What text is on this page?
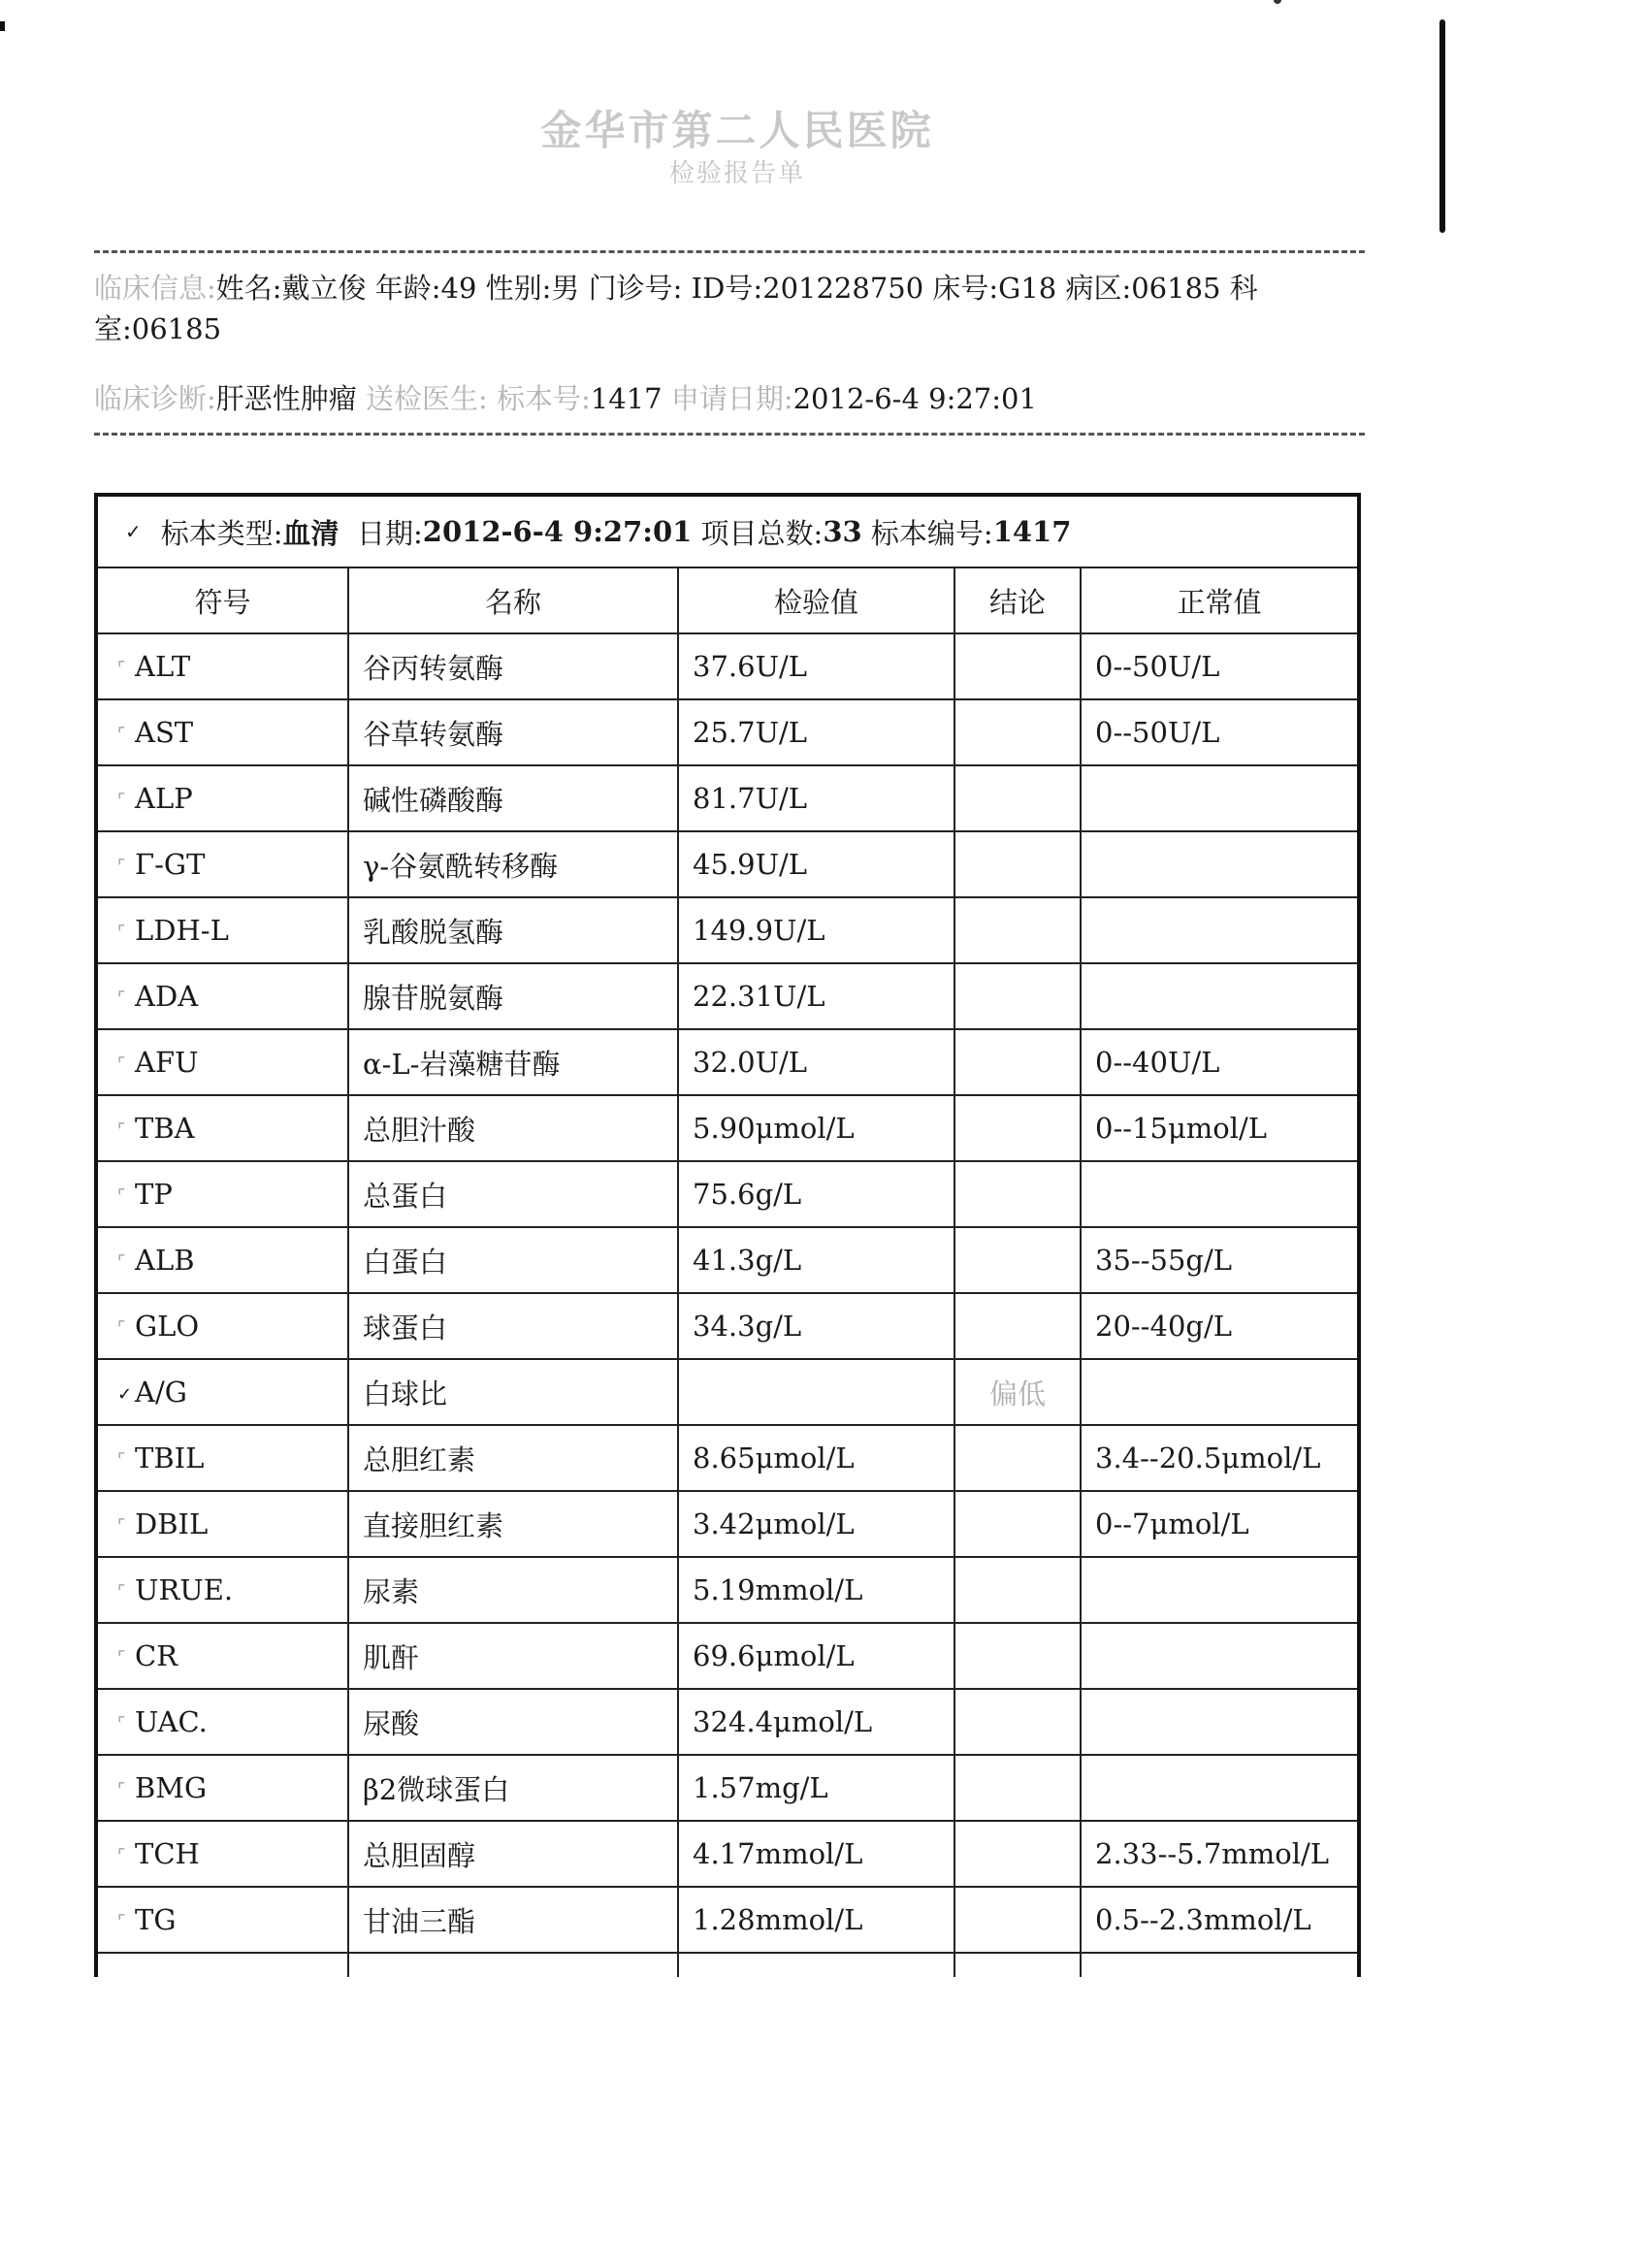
金华市第二人民医院
检验报告单
临床信息:姓名:戴立俊 年龄:49 性别:男 门诊号: ID号:201228750 床号:G18 病区:06185 科室:06185
临床诊断:肝恶性肿瘤 送检医生: 标本号:1417 申请日期:2012-6-4 9:27:01
✓ 标本类型: 血清
日期: 2012-6-4 9:27:01
项目总数: 33
标本编号: 1417
符号	名称	检验值	结论	正常值
⌜ ALT	谷丙转氨酶	37.6U/L		0--50U/L
⌜ AST	谷草转氨酶	25.7U/L		0--50U/L
⌜ ALP	碱性磷酸酶	81.7U/L		
⌜ Γ-GT	γ-谷氨酰转移酶	45.9U/L		
⌜ LDH-L	乳酸脱氢酶	149.9U/L		
⌜ ADA	腺苷脱氨酶	22.31U/L		
⌜ AFU	α-L-岩藻糖苷酶	32.0U/L		0--40U/L
⌜ TBA	总胆汁酸	5.90μmol/L		0--15μmol/L
⌜ TP	总蛋白	75.6g/L		
⌜ ALB	白蛋白	41.3g/L		35--55g/L
⌜ GLO	球蛋白	34.3g/L		20--40g/L
✓ A/G	白球比		偏低	
⌜ TBIL	总胆红素	8.65μmol/L		3.4--20.5μmol/L
⌜ DBIL	直接胆红素	3.42μmol/L		0--7μmol/L
⌜ URUE.	尿素	5.19mmol/L		
⌜ CR	肌酐	69.6μmol/L		
⌜ UAC.	尿酸	324.4μmol/L		
⌜ BMG	β2微球蛋白	1.57mg/L		
⌜ TCH	总胆固醇	4.17mmol/L		2.33--5.7mmol/L
⌜ TG	甘油三酯	1.28mmol/L		0.5--2.3mmol/L
